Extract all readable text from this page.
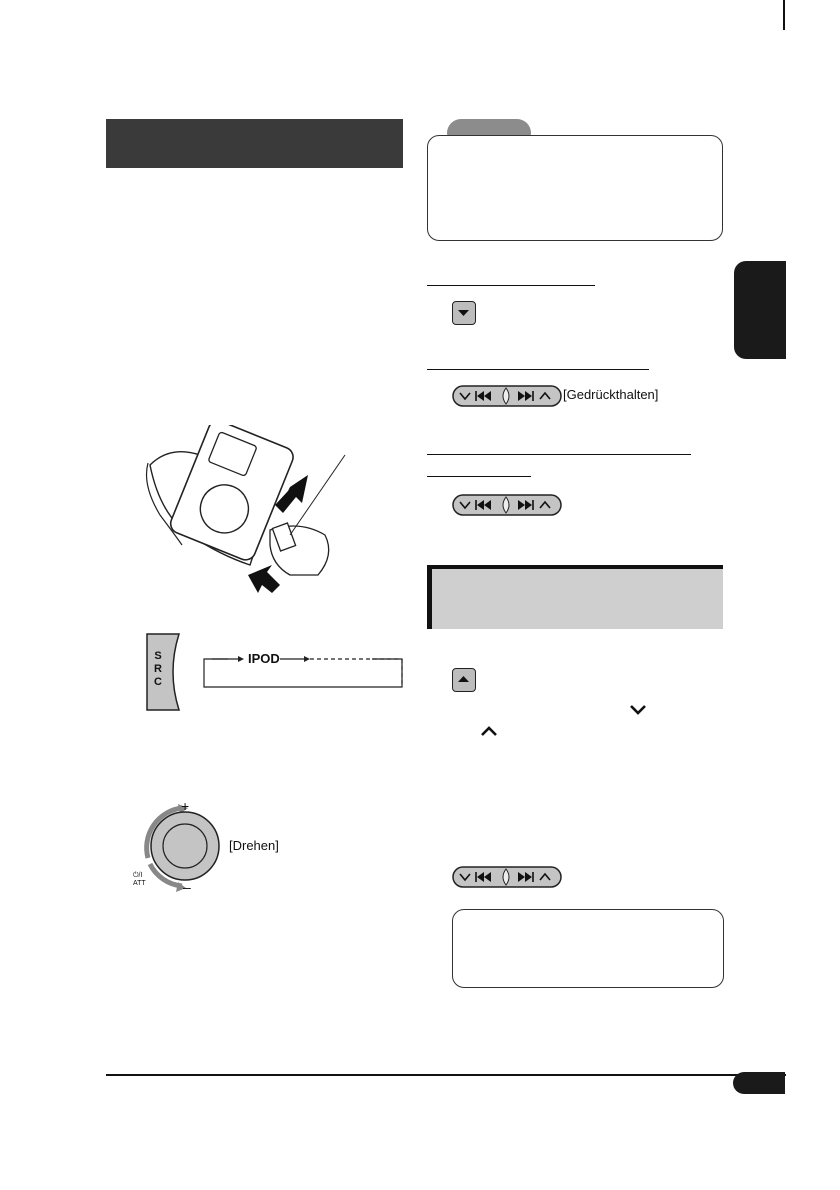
[Gedrückthalten]
S
R
C
IPOD
+
–
⏻/I
ATT
[Drehen]
